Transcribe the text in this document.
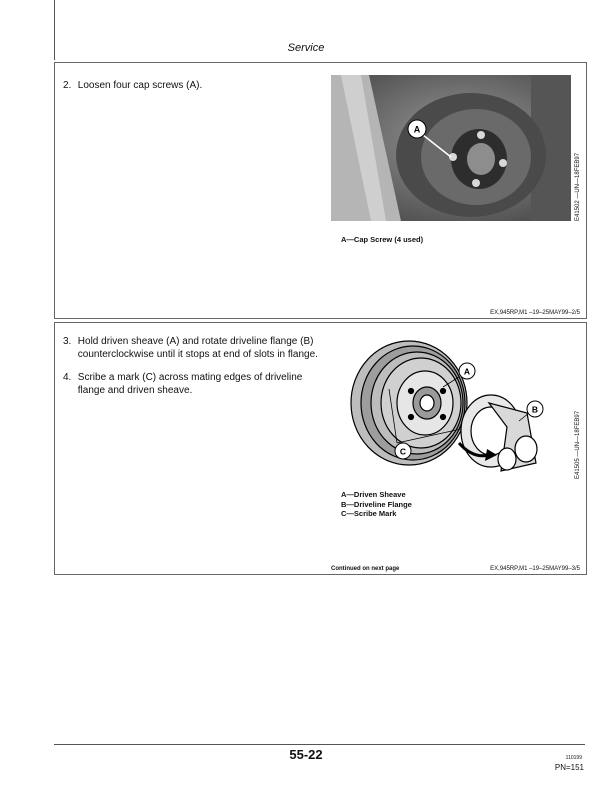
Service
2. Loosen four cap screws (A).
A
E41502 —UN—18FEB97
A—Cap Screw (4 used)
EX,945RP,M1 –19–25MAY99–2/5
3. Hold driven sheave (A) and rotate driveline flange (B)
counterclockwise until it stops at end of slots in flange.
4. Scribe a mark (C) across mating edges of driveline
flange and driven sheave.
A
B
C	E41505 —UN—18FEB97
A—Driven Sheave
B—Driveline Flange
C—Scribe Mark
Continued on next page	EX,945RP,M1 –19–25MAY99–3/5
55-22	110199
PN=151
